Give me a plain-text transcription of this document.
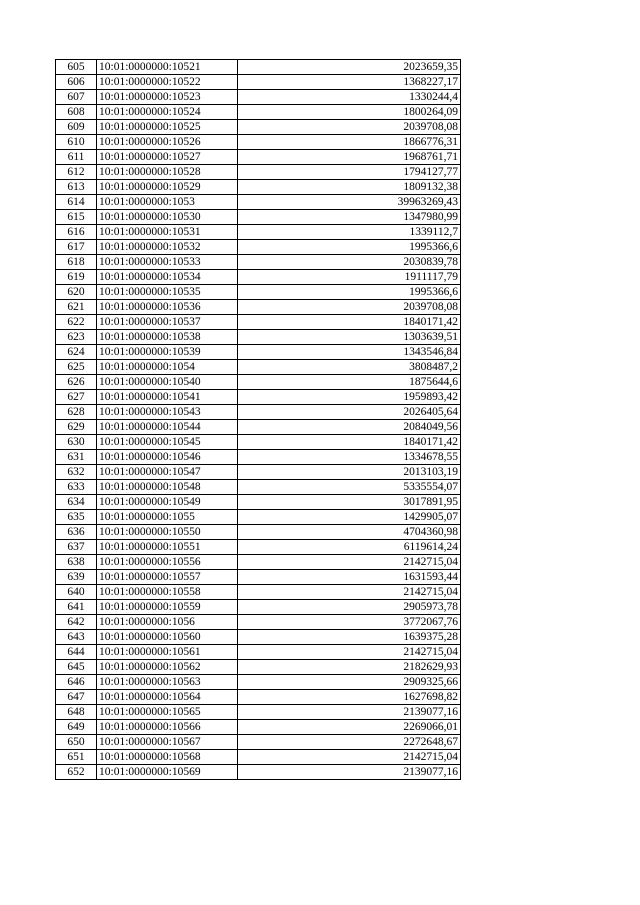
605	10:01:0000000:10521	2023659,35
606	10:01:0000000:10522	1368227,17
607	10:01:0000000:10523	1330244,4
608	10:01:0000000:10524	1800264,09
609	10:01:0000000:10525	2039708,08
610	10:01:0000000:10526	1866776,31
611	10:01:0000000:10527	1968761,71
612	10:01:0000000:10528	1794127,77
613	10:01:0000000:10529	1809132,38
614	10:01:0000000:1053	39963269,43
615	10:01:0000000:10530	1347980,99
616	10:01:0000000:10531	1339112,7
617	10:01:0000000:10532	1995366,6
618	10:01:0000000:10533	2030839,78
619	10:01:0000000:10534	1911117,79
620	10:01:0000000:10535	1995366,6
621	10:01:0000000:10536	2039708,08
622	10:01:0000000:10537	1840171,42
623	10:01:0000000:10538	1303639,51
624	10:01:0000000:10539	1343546,84
625	10:01:0000000:1054	3808487,2
626	10:01:0000000:10540	1875644,6
627	10:01:0000000:10541	1959893,42
628	10:01:0000000:10543	2026405,64
629	10:01:0000000:10544	2084049,56
630	10:01:0000000:10545	1840171,42
631	10:01:0000000:10546	1334678,55
632	10:01:0000000:10547	2013103,19
633	10:01:0000000:10548	5335554,07
634	10:01:0000000:10549	3017891,95
635	10:01:0000000:1055	1429905,07
636	10:01:0000000:10550	4704360,98
637	10:01:0000000:10551	6119614,24
638	10:01:0000000:10556	2142715,04
639	10:01:0000000:10557	1631593,44
640	10:01:0000000:10558	2142715,04
641	10:01:0000000:10559	2905973,78
642	10:01:0000000:1056	3772067,76
643	10:01:0000000:10560	1639375,28
644	10:01:0000000:10561	2142715,04
645	10:01:0000000:10562	2182629,93
646	10:01:0000000:10563	2909325,66
647	10:01:0000000:10564	1627698,82
648	10:01:0000000:10565	2139077,16
649	10:01:0000000:10566	2269066,01
650	10:01:0000000:10567	2272648,67
651	10:01:0000000:10568	2142715,04
652	10:01:0000000:10569	2139077,16
